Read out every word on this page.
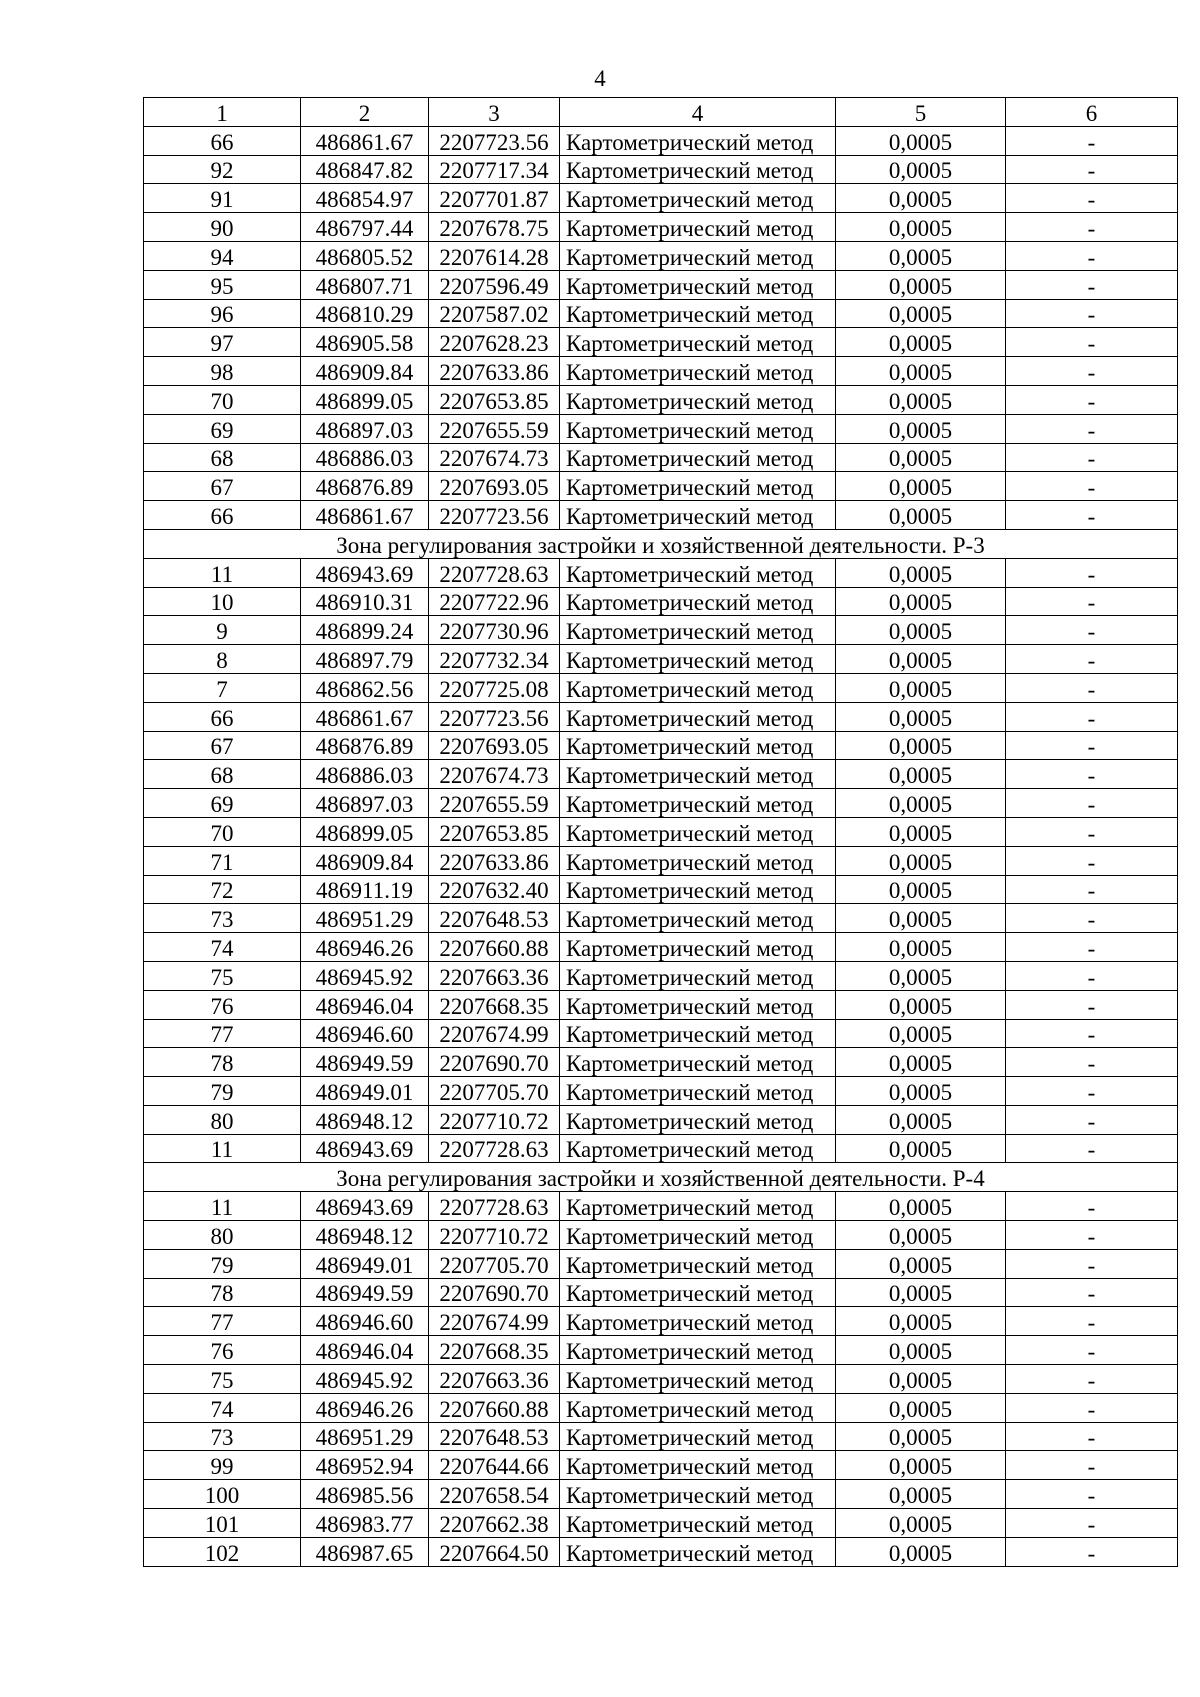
4
1	2	3	4	5	6
66	486861.67	2207723.56	Картометрический метод	0,0005	-
92	486847.82	2207717.34	Картометрический метод	0,0005	-
91	486854.97	2207701.87	Картометрический метод	0,0005	-
90	486797.44	2207678.75	Картометрический метод	0,0005	-
94	486805.52	2207614.28	Картометрический метод	0,0005	-
95	486807.71	2207596.49	Картометрический метод	0,0005	-
96	486810.29	2207587.02	Картометрический метод	0,0005	-
97	486905.58	2207628.23	Картометрический метод	0,0005	-
98	486909.84	2207633.86	Картометрический метод	0,0005	-
70	486899.05	2207653.85	Картометрический метод	0,0005	-
69	486897.03	2207655.59	Картометрический метод	0,0005	-
68	486886.03	2207674.73	Картометрический метод	0,0005	-
67	486876.89	2207693.05	Картометрический метод	0,0005	-
66	486861.67	2207723.56	Картометрический метод	0,0005	-
Зона регулирования застройки и хозяйственной деятельности. Р-3					
11	486943.69	2207728.63	Картометрический метод	0,0005	-
10	486910.31	2207722.96	Картометрический метод	0,0005	-
9	486899.24	2207730.96	Картометрический метод	0,0005	-
8	486897.79	2207732.34	Картометрический метод	0,0005	-
7	486862.56	2207725.08	Картометрический метод	0,0005	-
66	486861.67	2207723.56	Картометрический метод	0,0005	-
67	486876.89	2207693.05	Картометрический метод	0,0005	-
68	486886.03	2207674.73	Картометрический метод	0,0005	-
69	486897.03	2207655.59	Картометрический метод	0,0005	-
70	486899.05	2207653.85	Картометрический метод	0,0005	-
71	486909.84	2207633.86	Картометрический метод	0,0005	-
72	486911.19	2207632.40	Картометрический метод	0,0005	-
73	486951.29	2207648.53	Картометрический метод	0,0005	-
74	486946.26	2207660.88	Картометрический метод	0,0005	-
75	486945.92	2207663.36	Картометрический метод	0,0005	-
76	486946.04	2207668.35	Картометрический метод	0,0005	-
77	486946.60	2207674.99	Картометрический метод	0,0005	-
78	486949.59	2207690.70	Картометрический метод	0,0005	-
79	486949.01	2207705.70	Картометрический метод	0,0005	-
80	486948.12	2207710.72	Картометрический метод	0,0005	-
11	486943.69	2207728.63	Картометрический метод	0,0005	-
Зона регулирования застройки и хозяйственной деятельности. Р-4					
11	486943.69	2207728.63	Картометрический метод	0,0005	-
80	486948.12	2207710.72	Картометрический метод	0,0005	-
79	486949.01	2207705.70	Картометрический метод	0,0005	-
78	486949.59	2207690.70	Картометрический метод	0,0005	-
77	486946.60	2207674.99	Картометрический метод	0,0005	-
76	486946.04	2207668.35	Картометрический метод	0,0005	-
75	486945.92	2207663.36	Картометрический метод	0,0005	-
74	486946.26	2207660.88	Картометрический метод	0,0005	-
73	486951.29	2207648.53	Картометрический метод	0,0005	-
99	486952.94	2207644.66	Картометрический метод	0,0005	-
100	486985.56	2207658.54	Картометрический метод	0,0005	-
101	486983.77	2207662.38	Картометрический метод	0,0005	-
102	486987.65	2207664.50	Картометрический метод	0,0005	-
